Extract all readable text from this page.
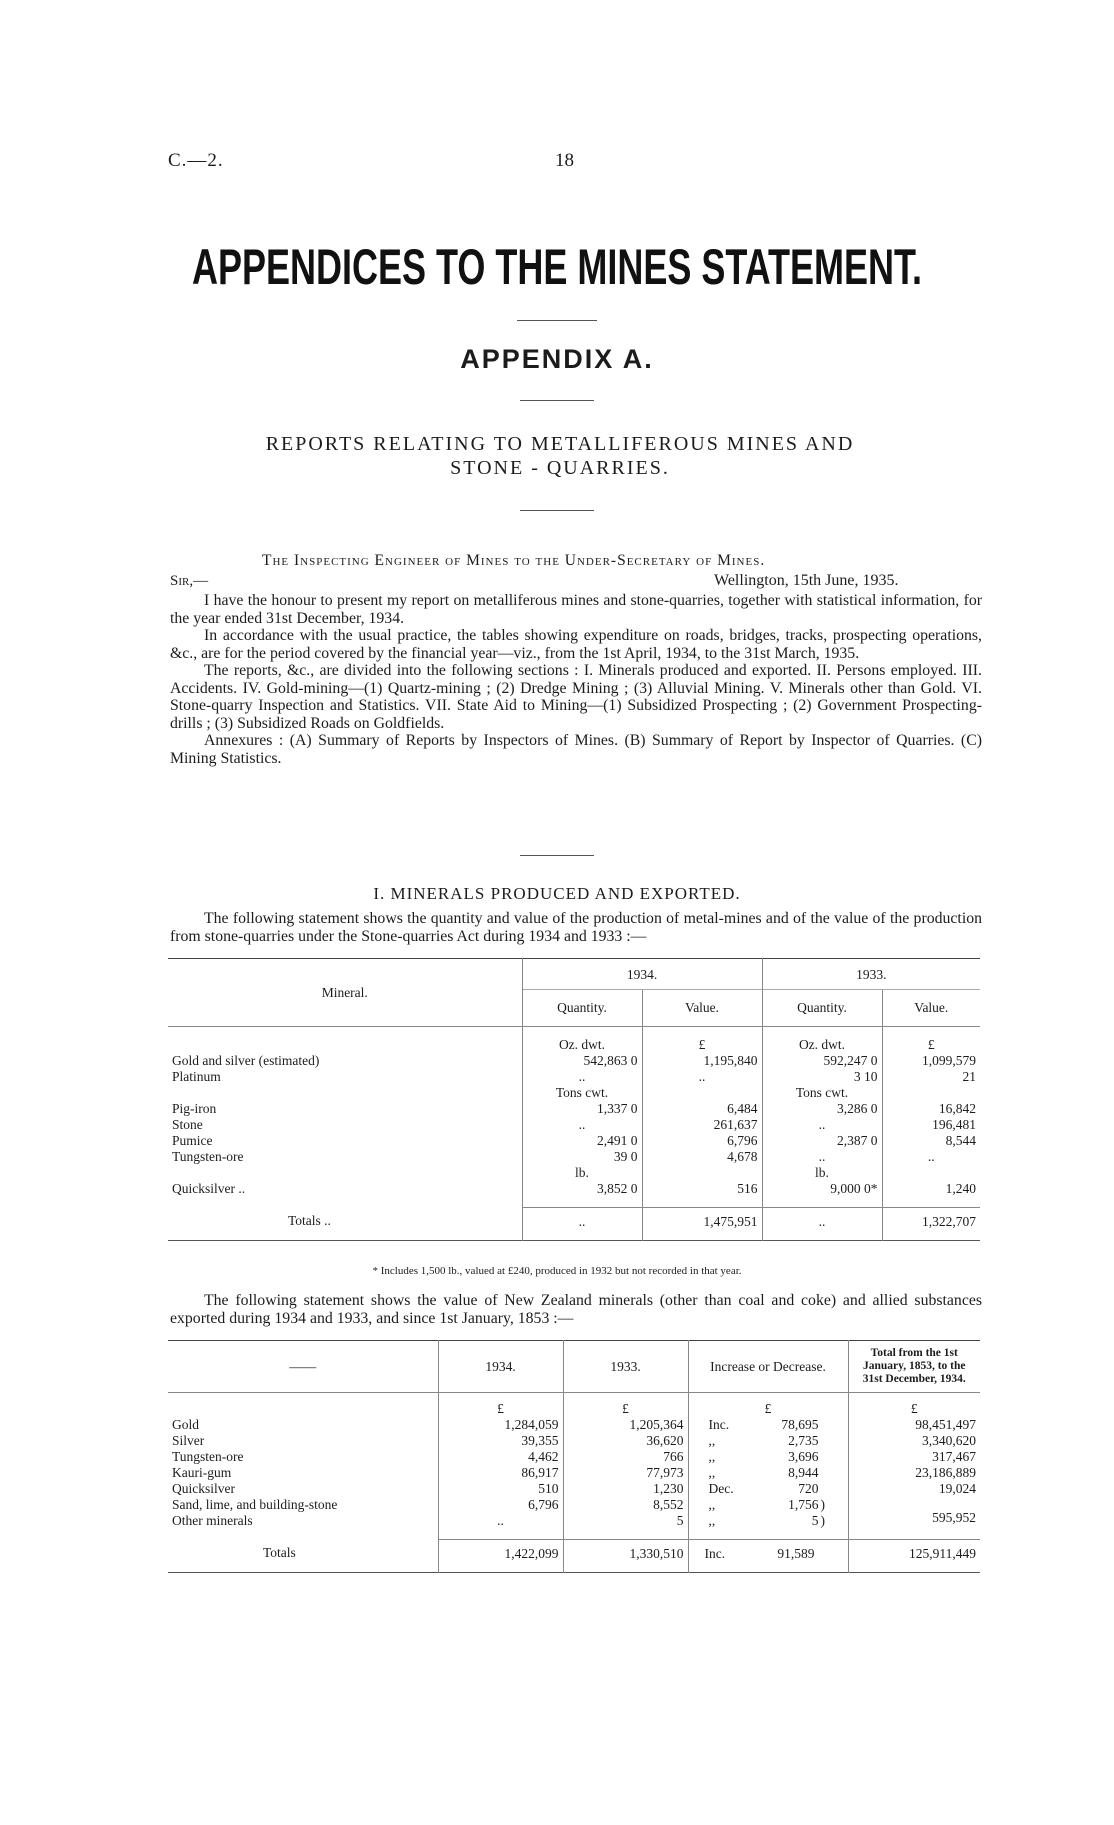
C.—2.	18
APPENDICES TO THE MINES STATEMENT.
APPENDIX A.
REPORTS RELATING TO METALLIFEROUS MINES AND
STONE - QUARRIES.
The Inspecting Engineer of Mines to the Under-Secretary of Mines.
Sir,—	Wellington, 15th June, 1935.

I have the honour to present my report on metalliferous mines and stone-quarries, together with statistical information, for the year ended 31st December, 1934.

In accordance with the usual practice, the tables showing expenditure on roads, bridges, tracks, prospecting operations, &c., are for the period covered by the financial year—viz., from the 1st April, 1934, to the 31st March, 1935.

The reports, &c., are divided into the following sections : I. Minerals produced and exported. II. Persons employed. III. Accidents. IV. Gold-mining—(1) Quartz-mining ; (2) Dredge Mining ; (3) Alluvial Mining. V. Minerals other than Gold. VI. Stone-quarry Inspection and Statistics. VII. State Aid to Mining—(1) Subsidized Prospecting ; (2) Government Prospecting-drills ; (3) Subsidized Roads on Goldfields.

Annexures : (A) Summary of Reports by Inspectors of Mines. (B) Summary of Report by Inspector of Quarries. (C) Mining Statistics.

I. MINERALS PRODUCED AND EXPORTED.

The following statement shows the quantity and value of the production of metal-mines and of the value of the production from stone-quarries under the Stone-quarries Act during 1934 and 1933 :—

Mineral.	1934.		1933.	
	Quantity.	Value.	Quantity.	Value.
	Oz. dwt.	£	Oz. dwt.	£
Gold and silver (estimated)	542,863 0	1,195,840	592,247 0	1,099,579
Platinum	..	..	3 10	21
	Tons cwt.		Tons cwt.	
Pig-iron	1,337 0	6,484	3,286 0	16,842
Stone	..	261,637	..	196,481
Pumice	2,491 0	6,796	2,387 0	8,544
Tungsten-ore	39 0	4,678	..	..
	lb.		lb.	
Quicksilver ..	3,852 0	516	9,000 0*	1,240
Totals ..	..	1,475,951	..	1,322,707
* Includes 1,500 lb., valued at £240, produced in 1932 but not recorded in that year.

The following statement shows the value of New Zealand minerals (other than coal and coke) and allied substances exported during 1934 and 1933, and since 1st January, 1853 :—

——	1934.	1933.	Increase or Decrease.	Total from the 1st January, 1853, to the 31st December, 1934.
	£	£	£	£
Gold	1,284,059	1,205,364	Inc. 78,695	98,451,497
Silver	39,355	36,620	,, 2,735	3,340,620
Tungsten-ore	4,462	766	,, 3,696	317,467
Kauri-gum	86,917	77,973	,, 8,944	23,186,889
Quicksilver	510	1,230	Dec. 720	19,024
Sand, lime, and building-stone	6,796	8,552	,, 1,756 )	595,952
Other minerals	..	5	,, 5 )	
Totals	1,422,099	1,330,510	Inc. 91,589	125,911,449
